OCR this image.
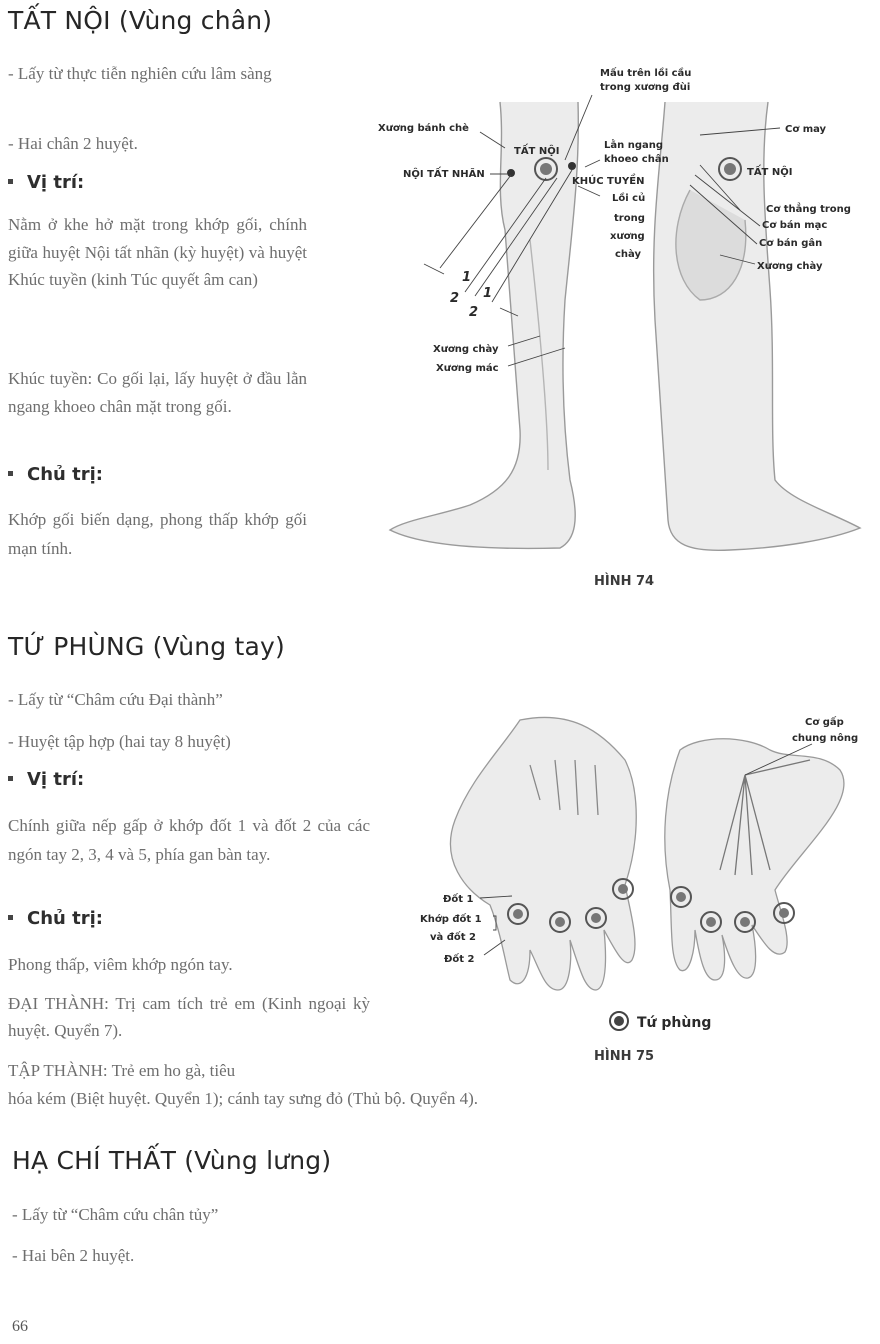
TẤT NỘI (Vùng chân)
- Lấy từ thực tiễn nghiên cứu lâm sàng
- Hai chân 2 huyệt.
Vị trí:
Nằm ở khe hở mặt trong khớp gối, chính giữa huyệt Nội tất nhãn (kỳ huyệt) và huyệt Khúc tuyền (kinh Túc quyết âm can)
Khúc tuyền: Co gối lại, lấy huyệt ở đầu lằn ngang khoeo chân mặt trong gối.
Chủ trị:
Khớp gối biến dạng, phong thấp khớp gối mạn tính.
Mấu trên lồi cầu
trong xương đùi
Xương bánh chè
TẤT NỘI
Lằn ngang
khoeo chân
Cơ may
NỘI TẤT NHÃN
KHÚC TUYỀN
TẤT NỘI
Lồi củ
trong
xương
chày
Cơ thẳng trong
Cơ bán mạc
Cơ bán gân
Xương chày
Xương chày
Xương mác
1
2 1
2
HÌNH 74
TỨ PHÙNG (Vùng tay)
- Lấy từ “Châm cứu Đại thành”
- Huyệt tập hợp (hai tay 8 huyệt)
Vị trí:
Chính giữa nếp gấp ở khớp đốt 1 và đốt 2 của các ngón tay 2, 3, 4 và 5, phía gan bàn tay.
Chủ trị:
Phong thấp, viêm khớp ngón tay.
ĐẠI THÀNH: Trị cam tích trẻ em (Kinh ngoại kỳ huyệt. Quyển 7).
TẬP THÀNH: Trẻ em ho gà, tiêu
hóa kém (Biệt huyệt. Quyển 1); cánh tay sưng đỏ (Thủ bộ. Quyển 4).
Cơ gấp
chung nông
Đốt 1
Khớp đốt 1
và đốt 2
Đốt 2
Tứ phùng
HÌNH 75
HẠ CHÍ THẤT (Vùng lưng)
- Lấy từ “Châm cứu chân tủy”
- Hai bên 2 huyệt.
66
